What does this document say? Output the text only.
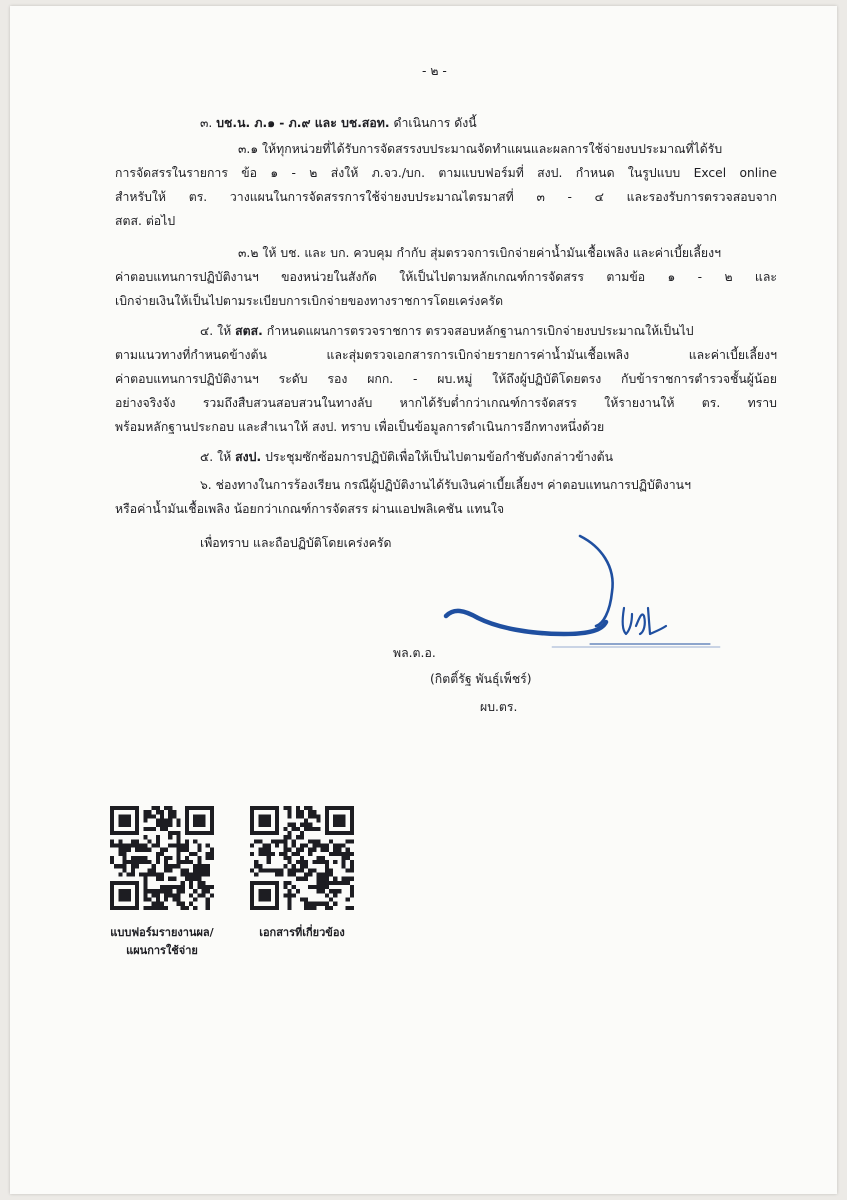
- ๒ -
๓. บช.น. ภ.๑ - ภ.๙ และ บช.สอท. ดำเนินการ ดังนี้
๓.๑ ให้ทุกหน่วยที่ได้รับการจัดสรรงบประมาณจัดทำแผนและผลการใช้จ่ายงบประมาณที่ได้รับ
การจัดสรรในรายการ ข้อ ๑ - ๒ ส่งให้ ภ.จว./บก. ตามแบบฟอร์มที่ สงป. กำหนด ในรูปแบบ Excel online
สำหรับให้ ตร. วางแผนในการจัดสรรการใช้จ่ายงบประมาณไตรมาสที่ ๓ - ๔ และรองรับการตรวจสอบจาก
สตส. ต่อไป
๓.๒ ให้ บช. และ บก. ควบคุม กำกับ สุ่มตรวจการเบิกจ่ายค่าน้ำมันเชื้อเพลิง และค่าเบี้ยเลี้ยงฯ
ค่าตอบแทนการปฏิบัติงานฯ ของหน่วยในสังกัด ให้เป็นไปตามหลักเกณฑ์การจัดสรร ตามข้อ ๑ - ๒ และ
เบิกจ่ายเงินให้เป็นไปตามระเบียบการเบิกจ่ายของทางราชการโดยเคร่งครัด
๔. ให้ สตส. กำหนดแผนการตรวจราชการ ตรวจสอบหลักฐานการเบิกจ่ายงบประมาณให้เป็นไป
ตามแนวทางที่กำหนดข้างต้น และสุ่มตรวจเอกสารการเบิกจ่ายรายการค่าน้ำมันเชื้อเพลิง และค่าเบี้ยเลี้ยงฯ
ค่าตอบแทนการปฏิบัติงานฯ ระดับ รอง ผกก. - ผบ.หมู่ ให้ถึงผู้ปฏิบัติโดยตรง กับข้าราชการตำรวจชั้นผู้น้อย
อย่างจริงจัง รวมถึงสืบสวนสอบสวนในทางลับ หากได้รับต่ำกว่าเกณฑ์การจัดสรร ให้รายงานให้ ตร. ทราบ
พร้อมหลักฐานประกอบ และสำเนาให้ สงป. ทราบ เพื่อเป็นข้อมูลการดำเนินการอีกทางหนึ่งด้วย
๕. ให้ สงป. ประชุมซักซ้อมการปฏิบัติเพื่อให้เป็นไปตามข้อกำชับดังกล่าวข้างต้น
๖. ช่องทางในการร้องเรียน กรณีผู้ปฏิบัติงานได้รับเงินค่าเบี้ยเลี้ยงฯ ค่าตอบแทนการปฏิบัติงานฯ
หรือค่าน้ำมันเชื้อเพลิง น้อยกว่าเกณฑ์การจัดสรร ผ่านแอปพลิเคชัน แทนใจ
เพื่อทราบ และถือปฏิบัติโดยเคร่งครัด
พล.ต.อ.
(กิตติ์รัฐ พันธุ์เพ็ชร์)
ผบ.ตร.
แบบฟอร์มรายงานผล/
แผนการใช้จ่าย
เอกสารที่เกี่ยวข้อง
